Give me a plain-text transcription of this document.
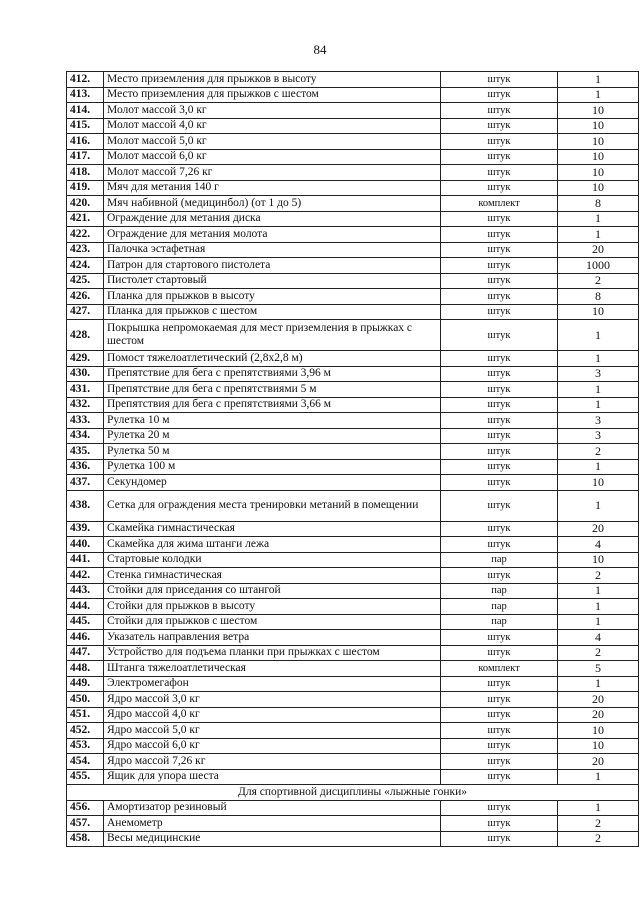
84
412.	Место приземления для прыжков в высоту	штук	1
413.	Место приземления для прыжков с шестом	штук	1
414.	Молот массой 3,0 кг	штук	10
415.	Молот массой 4,0 кг	штук	10
416.	Молот массой 5,0 кг	штук	10
417.	Молот массой 6,0 кг	штук	10
418.	Молот массой 7,26 кг	штук	10
419.	Мяч для метания 140 г	штук	10
420.	Мяч набивной (медицинбол) (от 1 до 5)	комплект	8
421.	Ограждение для метания диска	штук	1
422.	Ограждение для метания молота	штук	1
423.	Палочка эстафетная	штук	20
424.	Патрон для стартового пистолета	штук	1000
425.	Пистолет стартовый	штук	2
426.	Планка для прыжков в высоту	штук	8
427.	Планка для прыжков с шестом	штук	10
428.	Покрышка непромокаемая для мест приземления в прыжках с шестом	штук	1
429.	Помост тяжелоатлетический (2,8х2,8 м)	штук	1
430.	Препятствие для бега с препятствиями 3,96 м	штук	3
431.	Препятствие для бега с препятствиями 5 м	штук	1
432.	Препятствия для бега с препятствиями 3,66 м	штук	1
433.	Рулетка 10 м	штук	3
434.	Рулетка 20 м	штук	3
435.	Рулетка 50 м	штук	2
436.	Рулетка 100 м	штук	1
437.	Секундомер	штук	10
438.	Сетка для ограждения места тренировки метаний в помещении	штук	1
439.	Скамейка гимнастическая	штук	20
440.	Скамейка для жима штанги лежа	штук	4
441.	Стартовые колодки	пар	10
442.	Стенка гимнастическая	штук	2
443.	Стойки для приседания со штангой	пар	1
444.	Стойки для прыжков в высоту	пар	1
445.	Стойки для прыжков с шестом	пар	1
446.	Указатель направления ветра	штук	4
447.	Устройство для подъема планки при прыжках с шестом	штук	2
448.	Штанга тяжелоатлетическая	комплект	5
449.	Электромегафон	штук	1
450.	Ядро массой 3,0 кг	штук	20
451.	Ядро массой 4,0 кг	штук	20
452.	Ядро массой 5,0 кг	штук	10
453.	Ядро массой 6,0 кг	штук	10
454.	Ядро массой 7,26 кг	штук	20
455.	Ящик для упора шеста	штук	1
Для спортивной дисциплины «лыжные гонки»			
456.	Амортизатор резиновый	штук	1
457.	Анемометр	штук	2
458.	Весы медицинские	штук	2
